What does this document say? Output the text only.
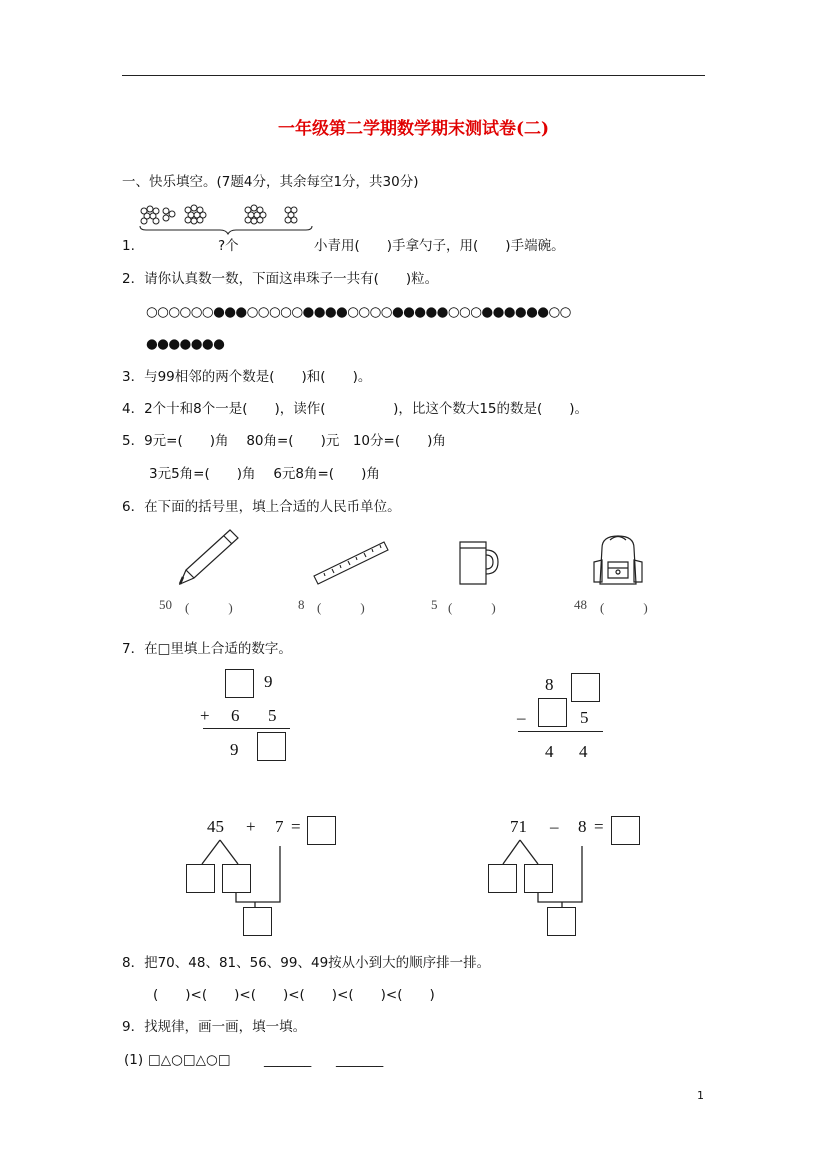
一年级第二学期数学期末测试卷(二)
一、快乐填空。(7题4分，其余每空1分，共30分)
1.	?个	小青用(　　)手拿勺子，用(　　)手端碗。
2．请你认真数一数，下面这串珠子一共有(　　)粒。
○○○○○○●●●○○○○○●●●●○○○○●●●●●○○○●●●●●●○○
●●●●●●●
3．与99相邻的两个数是(　　)和(　　)。
4．2个十和8个一是(　　)，读作(　　　　　)，比这个数大15的数是(　　)。
5．9元=(　　)角　 80角=(　　)元　10分=(　　)角
3元5角=(　　)角　 6元8角=(　　)角
6．在下面的括号里，填上合适的人民币单位。
50 (　　　)	8 (　　　)	5 (　　　)	48 (　　　)
7．在□里填上合适的数字。
9
+ 6 5
9
8
–	5
4 4
45 + 7 =	71 – 8 =
8．把70、48、81、56、99、49按从小到大的顺序排一排。
(　　)<(　　)<(　　)<(　　)<(　　)<(　　)
9．找规律，画一画，填一填。
(1) □△○□△○□ _______ _______
1
